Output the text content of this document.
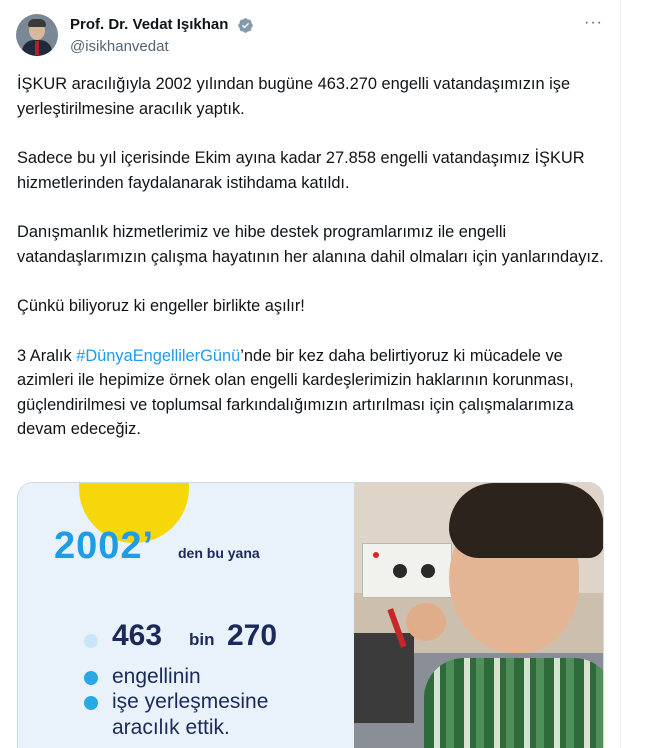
Prof. Dr. Vedat Işıkhan
@isikhanvedat
···

İŞKUR aracılığıyla 2002 yılından bugüne 463.270 engelli vatandaşımızın işe yerleştirilmesine aracılık yaptık.

Sadece bu yıl içerisinde Ekim ayına kadar 27.858 engelli vatandaşımız İŞKUR hizmetlerinden faydalanarak istihdama katıldı.

Danışmanlık hizmetlerimiz ve hibe destek programlarımız ile engelli vatandaşlarımızın çalışma hayatının her alanına dahil olmaları için yanlarındayız.

Çünkü biliyoruz ki engeller birlikte aşılır!

3 Aralık #DünyaEngellilerGünü’nde bir kez daha belirtiyoruz ki mücadele ve azimleri ile hepimize örnek olan engelli kardeşlerimizin haklarının korunması, güçlendirilmesi ve toplumsal farkındalığımızın artırılması için çalışmalarımıza devam edeceğiz.

2002’ den bu yana
463 bin 270
engellinin
işe yerleşmesine
aracılık ettik.
